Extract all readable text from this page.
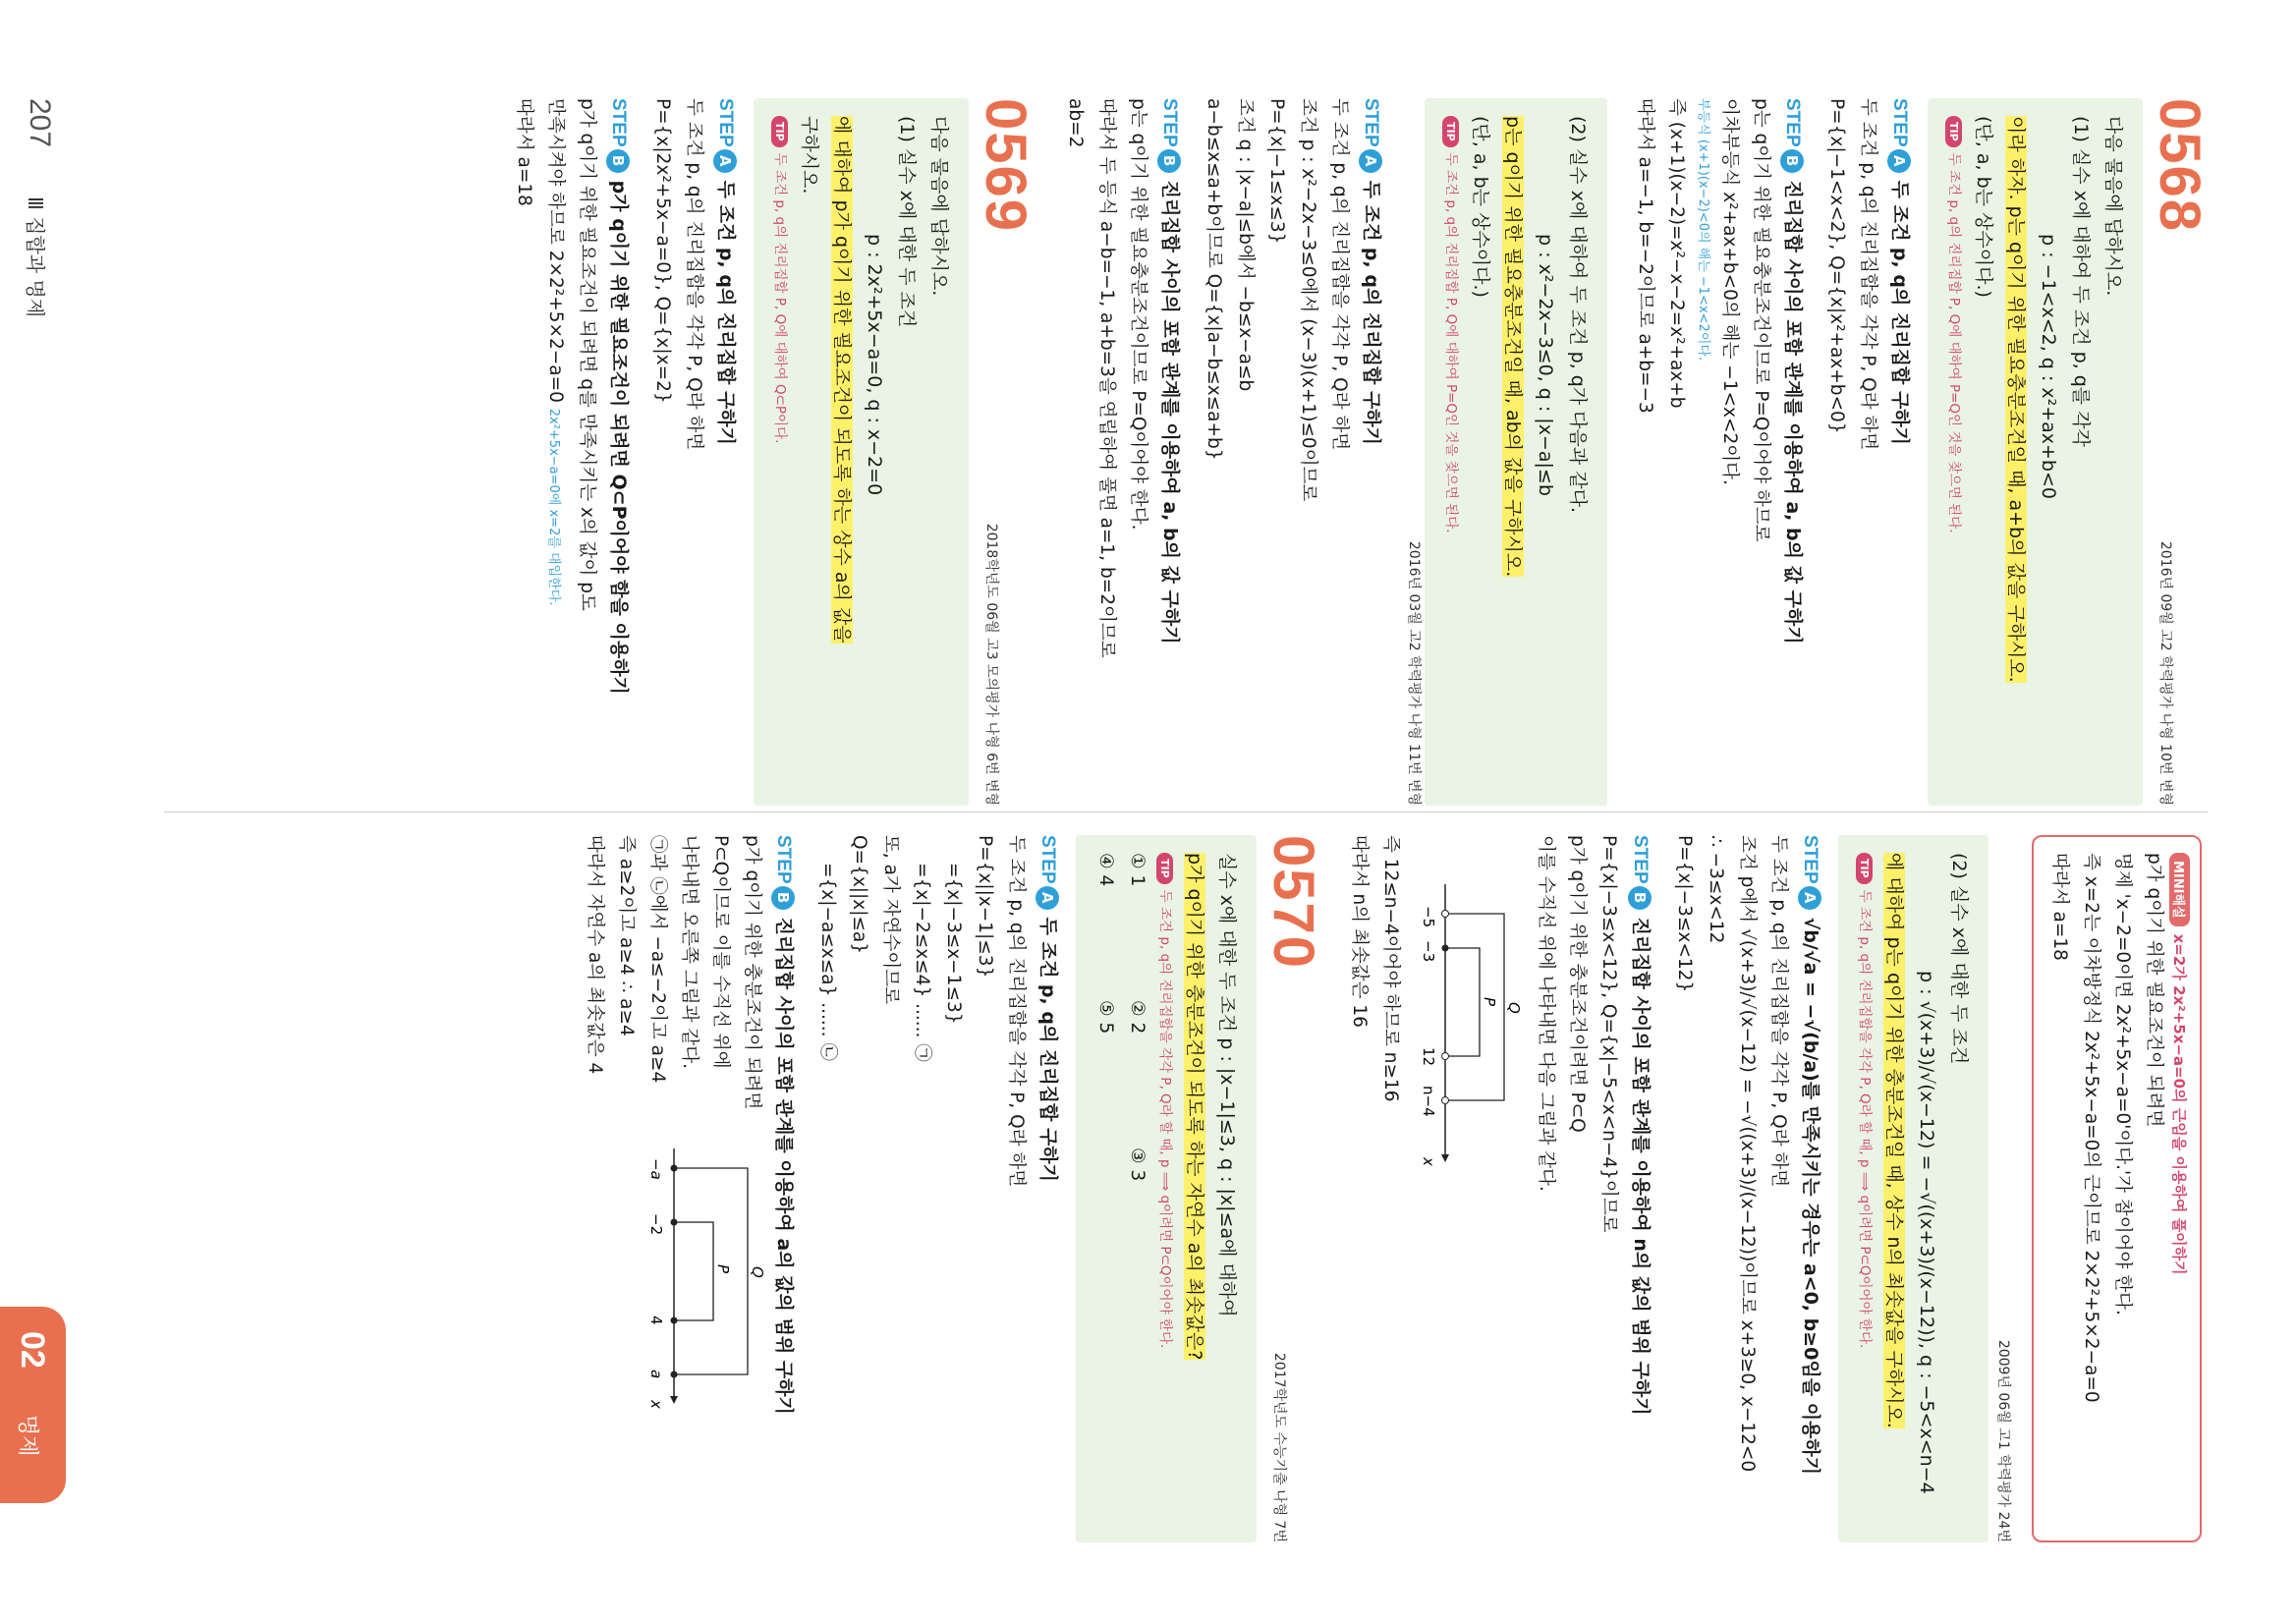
0568
2016년 09월 고2 학력평가 나형 10번 변형
다음 물음에 답하시오.
(1) 실수 x에 대하여 두 조건 p, q를 각각
p : −1<x<2, q : x²+ax+b<0
이라 하자. p는 q이기 위한 필요충분조건일 때, a+b의 값을 구하시오.
(단, a, b는 상수이다.)
TIP두 조건 p, q의 진리집합 P, Q에 대하여 P=Q인 것을 찾으면 된다.
STEPA두 조건 p, q의 진리집합 구하기
두 조건 p, q의 진리집합을 각각 P, Q라 하면
P={x|−1<x<2}, Q={x|x²+ax+b<0}
STEPB진리집합 사이의 포함 관계를 이용하여 a, b의 값 구하기
p는 q이기 위한 필요충분조건이므로 P=Q이어야 하므로
이차부등식 x²+ax+b<0의 해는 −1<x<2이다.
부등식 (x+1)(x−2)<0의 해는 −1<x<2이다.
즉 (x+1)(x−2)=x²−x−2=x²+ax+b
따라서 a=−1, b=−2이므로 a+b=−3
(2) 실수 x에 대하여 두 조건 p, q가 다음과 같다.
p : x²−2x−3≤0, q : |x−a|≤b
p는 q이기 위한 필요충분조건일 때, ab의 값을 구하시오.
(단, a, b는 상수이다.)
TIP두 조건 p, q의 진리집합 P, Q에 대하여 P=Q인 것을 찾으면 된다.
2016년 03월 고2 학력평가 나형 11번 변형
STEPA두 조건 p, q의 진리집합 구하기
두 조건 p, q의 진리집합을 각각 P, Q라 하면
조건 p : x²−2x−3≤0에서 (x−3)(x+1)≤0이므로
P={x|−1≤x≤3}
조건 q : |x−a|≤b에서 −b≤x−a≤b
a−b≤x≤a+b이므로 Q={x|a−b≤x≤a+b}
STEPB진리집합 사이의 포함 관계를 이용하여 a, b의 값 구하기
p는 q이기 위한 필요충분조건이므로 P=Q이어야 한다.
따라서 두 등식 a−b=−1, a+b=3을 연립하여 풀면 a=1, b=2이므로
ab=2
0569
2018학년도 06월 고3 모의평가 나형 6번 변형
다음 물음에 답하시오.
(1) 실수 x에 대한 두 조건
p : 2x²+5x−a=0, q : x−2=0
에 대하여 p가 q이기 위한 필요조건이 되도록 하는 상수 a의 값을
구하시오.
TIP두 조건 p, q의 진리집합 P, Q에 대하여 Q⊂P이다.
STEPA두 조건 p, q의 진리집합 구하기
두 조건 p, q의 진리집합을 각각 P, Q라 하면
P={x|2x²+5x−a=0}, Q={x|x=2}
STEPBp가 q이기 위한 필요조건이 되려면 Q⊂P이어야 함을 이용하기
p가 q이기 위한 필요조건이 되려면 q를 만족시키는 x의 값이 p도
만족시켜야 하므로 2×2²+5×2−a=0 2x²+5x−a=0에 x=2를 대입한다.
따라서 a=18
MINI해설x=2가 2x²+5x−a=0의 근임을 이용하여 풀이하기
p가 q이기 위한 필요조건이 되려면
명제 'x−2=0이면 2x²+5x−a=0'이다.'가 참이어야 한다.
즉 x=2는 이차방정식 2x²+5x−a=0의 근이므로 2×2²+5×2−a=0
따라서 a=18
2009년 06월 고1 학력평가 24번
(2) 실수 x에 대한 두 조건
p : √(x+3)/√(x−12) = −√((x+3)/(x−12)), q : −5<x<n−4
에 대하여 p는 q이기 위한 충분조건일 때, 상수 n의 최솟값을 구하시오.
TIP두 조건 p, q의 진리집합을 각각 P, Q라 할 때, p ⟹ q이려면 P⊂Q이어야 한다.
STEPA√b/√a = −√(b/a)를 만족시키는 경우는 a<0, b≥0임을 이용하기
두 조건 p, q의 진리집합을 각각 P, Q라 하면
조건 p에서 √(x+3)/√(x−12) = −√((x+3)/(x−12))이므로 x+3≥0, x−12<0
∴ −3≤x<12
P={x|−3≤x<12}
STEPB진리집합 사이의 포함 관계를 이용하여 n의 값의 범위 구하기
P={x|−3≤x<12}, Q={x|−5<x<n−4}이므로
p가 q이기 위한 충분조건이려면 P⊂Q
이를 수직선 위에 나타내면 다음 그림과 같다.
−5
−3
12
n−4
x
P
Q
즉 12≤n−4이어야 하므로 n≥16
따라서 n의 최솟값은 16
0570
2017학년도 수능기출 나형 7번
실수 x에 대한 두 조건 p : |x−1|≤3, q : |x|≤a에 대하여
p가 q이기 위한 충분조건이 되도록 하는 자연수 a의 최솟값은?
TIP두 조건 p, q의 진리집합을 각각 P, Q라 할 때, p ⟹ q이려면 P⊂Q이어야 한다.
① 1
② 2
③ 3
④ 4
⑤ 5
STEPA두 조건 p, q의 진리집합 구하기
두 조건 p, q의 진리집합을 각각 P, Q라 하면
P={x||x−1|≤3}
={x|−3≤x−1≤3}
={x|−2≤x≤4} ...... ㉠
또, a가 자연수이므로
Q={x||x|≤a}
={x|−a≤x≤a} ...... ㉡
STEPB진리집합 사이의 포함 관계를 이용하여 a의 값의 범위 구하기
p가 q이기 위한 충분조건이 되려면
P⊂Q이므로 이를 수직선 위에
나타내면 오른쪽 그림과 같다.
㉠과 ㉡에서 −a≤−2이고 a≥4
즉 a≥2이고 a≥4 ∴ a≥4
따라서 자연수 a의 최솟값은 4
−a
−2
4
a
x
P Q
207
Ⅲ 집합과 명제
02
명제
